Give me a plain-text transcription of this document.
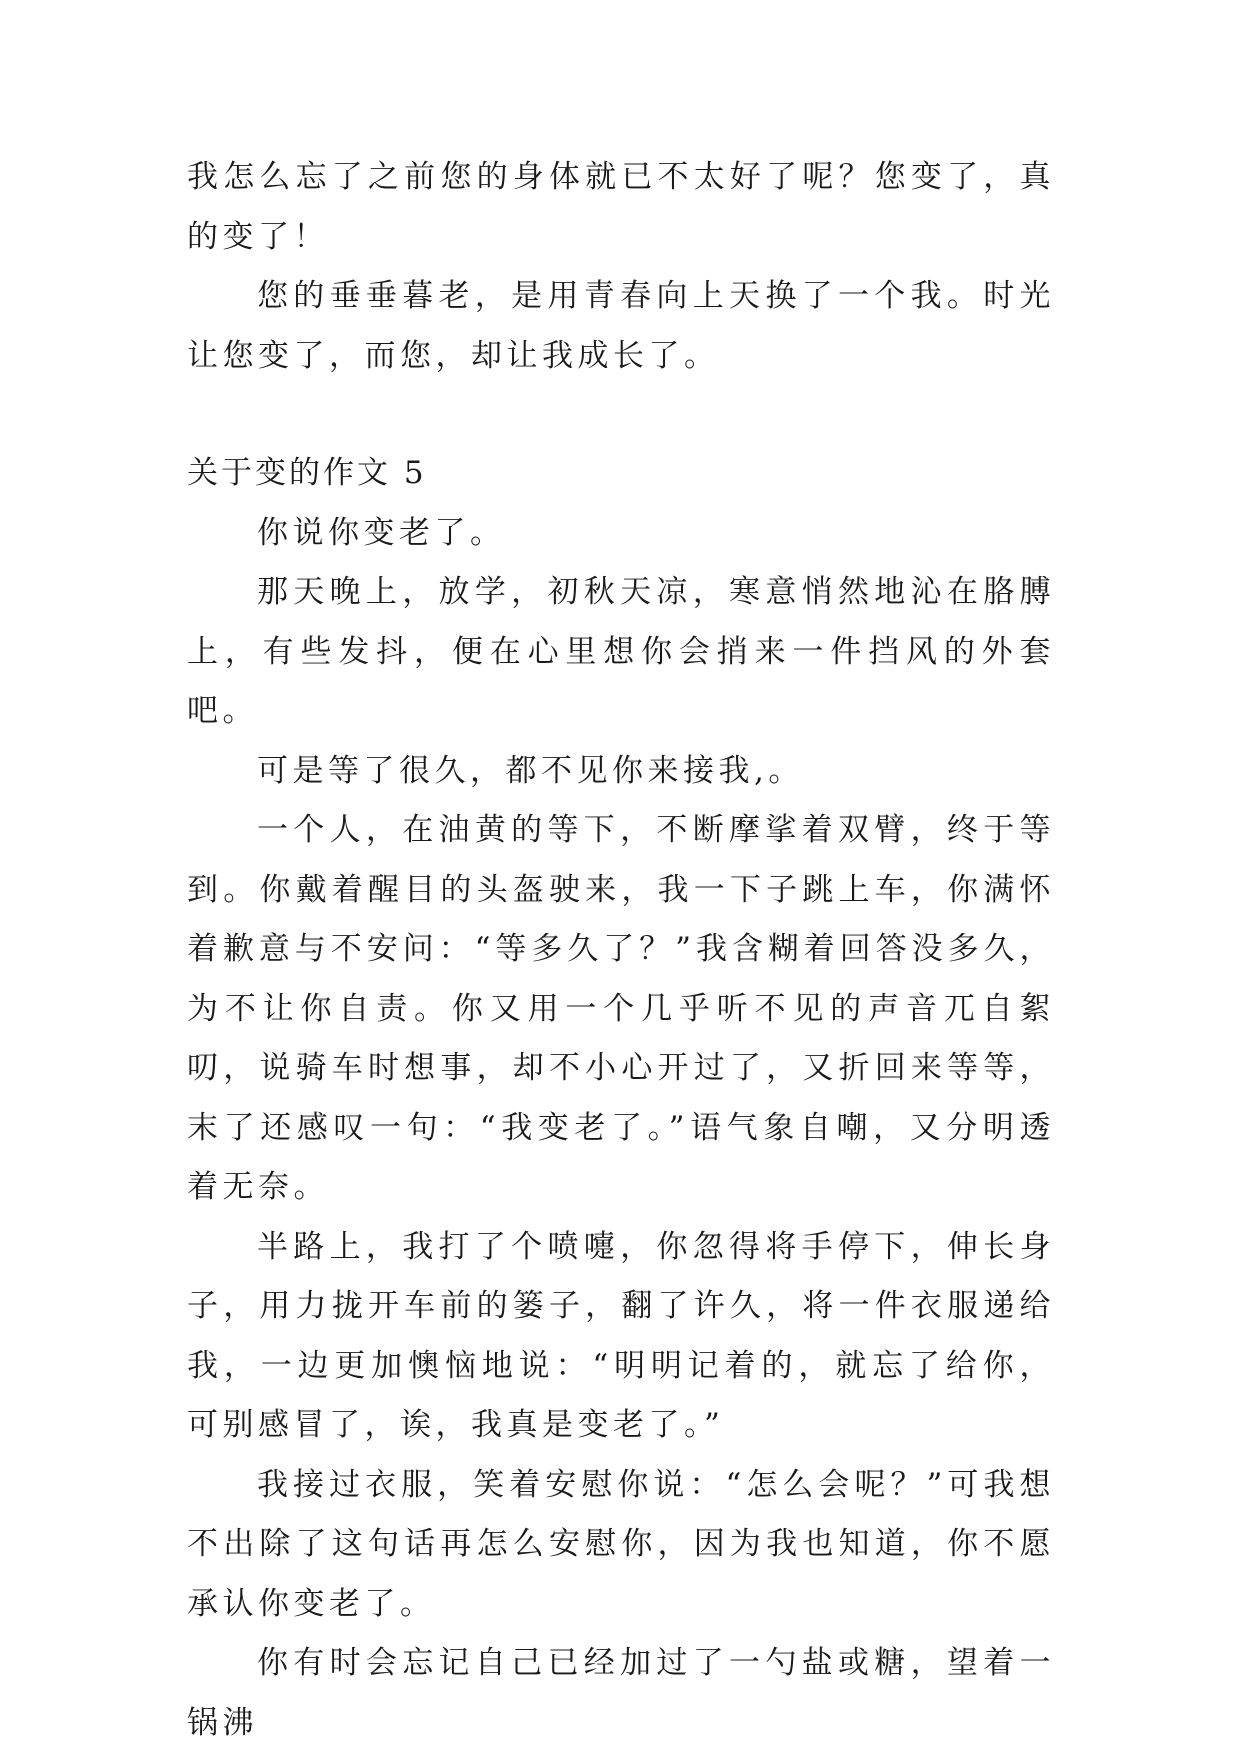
我怎么忘了之前您的身体就已不太好了呢？您变了，真的变了！

您的垂垂暮老，是用青春向上天换了一个我。时光让您变了，而您，却让我成长了。

关于变的作文 5

你说你变老了。

那天晚上，放学，初秋天凉，寒意悄然地沁在胳膊上，有些发抖，便在心里想你会捎来一件挡风的外套吧。

可是等了很久，都不见你来接我,。

一个人，在油黄的等下，不断摩挲着双臂，终于等到。你戴着醒目的头盔驶来，我一下子跳上车，你满怀着歉意与不安问：“等多久了？”我含糊着回答没多久，为不让你自责。你又用一个几乎听不见的声音兀自絮叨，说骑车时想事，却不小心开过了，又折回来等等，末了还感叹一句：“我变老了。”语气象自嘲，又分明透着无奈。

半路上，我打了个喷嚏，你忽得将手停下，伸长身子，用力拢开车前的篓子，翻了许久，将一件衣服递给我，一边更加懊恼地说：“明明记着的，就忘了给你，可别感冒了，诶，我真是变老了。”

我接过衣服，笑着安慰你说：“怎么会呢？”可我想不出除了这句话再怎么安慰你，因为我也知道，你不愿承认你变老了。

你有时会忘记自己已经加过了一勺盐或糖，望着一锅沸
